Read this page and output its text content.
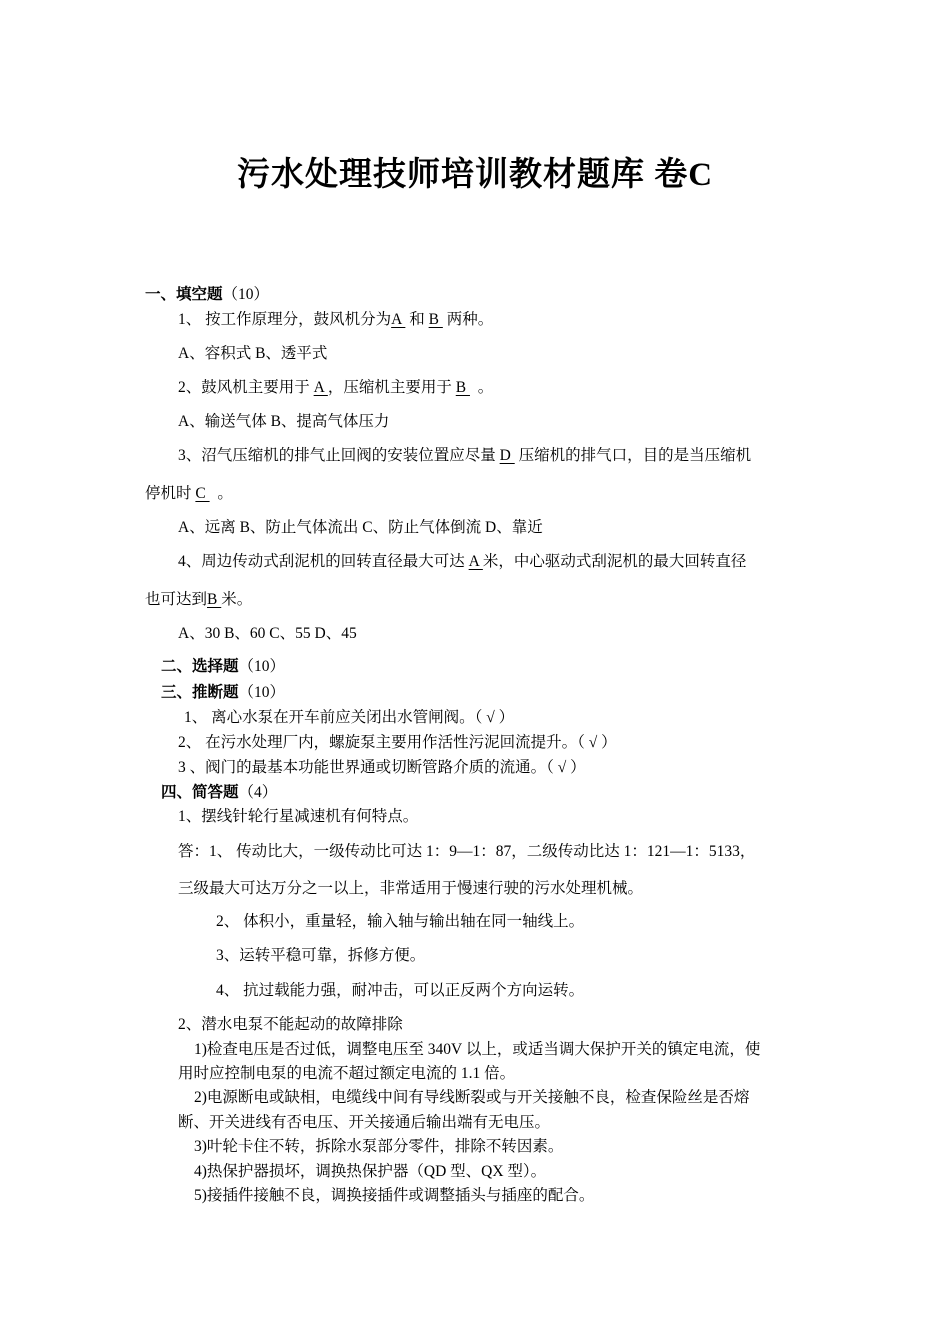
污水处理技师培训教材题库 卷C
一、填空题（10）
1、 按工作原理分，鼓风机分为A  和 B  两种。
A、容积式 B、透平式
2、鼓风机主要用于 A ，压缩机主要用于 B   。
A、输送气体 B、提高气体压力
3、沼气压缩机的排气止回阀的安装位置应尽量 D  压缩机的排气口，目的是当压缩机
停机时 C   。
A、远离 B、防止气体流出 C、防止气体倒流 D、靠近
4、周边传动式刮泥机的回转直径最大可达 A 米，中心驱动式刮泥机的最大回转直径
也可达到B 米。
A、30 B、60 C、55 D、45
二、选择题（10）
三、推断题（10）
1、 离心水泵在开车前应关闭出水管闸阀。（ √ ）
2、 在污水处理厂内，螺旋泵主要用作活性污泥回流提升。（ √ ）
3 、阀门的最基本功能世界通或切断管路介质的流通。（ √ ）
四、简答题（4）
1、摆线针轮行星减速机有何特点。
答：1、 传动比大，一级传动比可达 1：9—1：87，二级传动比达 1：121—1：5133，
三级最大可达万分之一以上，非常适用于慢速行驶的污水处理机械。
2、 体积小，重量轻，输入轴与输出轴在同一轴线上。
3、运转平稳可靠，拆修方便。
4、 抗过载能力强，耐冲击，可以正反两个方向运转。
2、潜水电泵不能起动的故障排除
1)检查电压是否过低，调整电压至 340V 以上，或适当调大保护开关的镇定电流，使
用时应控制电泵的电流不超过额定电流的 1.1 倍。
2)电源断电或缺相，电缆线中间有导线断裂或与开关接触不良，检查保险丝是否熔
断、开关进线有否电压、开关接通后输出端有无电压。
3)叶轮卡住不转，拆除水泵部分零件，排除不转因素。
4)热保护器损坏，调换热保护器（QD 型、QX 型）。
5)接插件接触不良，调换接插件或调整插头与插座的配合。
